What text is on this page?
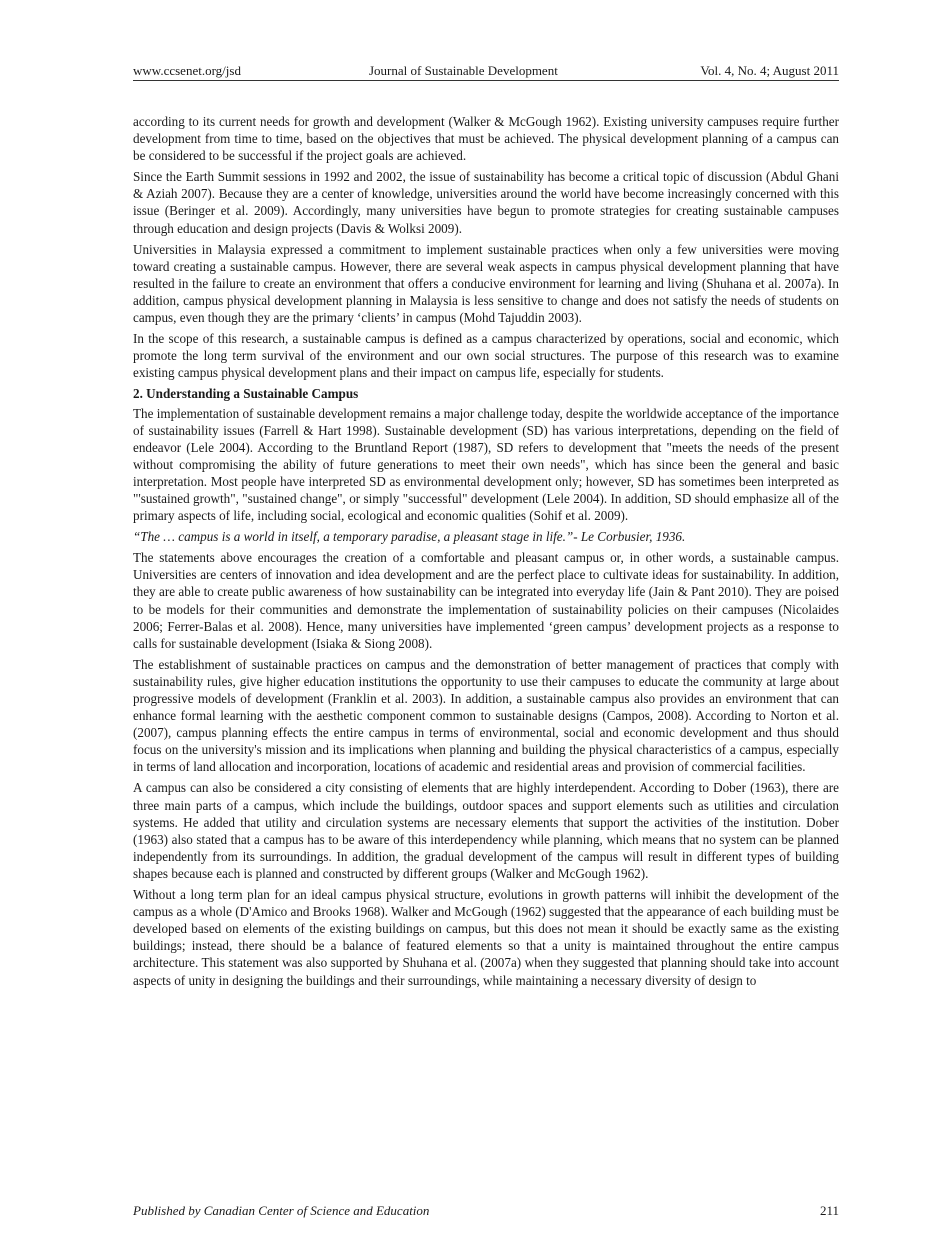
www.ccsenet.org/jsd	Journal of Sustainable Development	Vol. 4, No. 4; August 2011

according to its current needs for growth and development (Walker & McGough 1962). Existing university campuses require further development from time to time, based on the objectives that must be achieved. The physical development planning of a campus can be considered to be successful if the project goals are achieved.

Since the Earth Summit sessions in 1992 and 2002, the issue of sustainability has become a critical topic of discussion (Abdul Ghani & Aziah 2007). Because they are a center of knowledge, universities around the world have become increasingly concerned with this issue (Beringer et al. 2009). Accordingly, many universities have begun to promote strategies for creating sustainable campuses through education and design projects (Davis & Wolksi 2009).

Universities in Malaysia expressed a commitment to implement sustainable practices when only a few universities were moving toward creating a sustainable campus. However, there are several weak aspects in campus physical development planning that have resulted in the failure to create an environment that offers a conducive environment for learning and living (Shuhana et al. 2007a). In addition, campus physical development planning in Malaysia is less sensitive to change and does not satisfy the needs of students on campus, even though they are the primary ‘clients’ in campus (Mohd Tajuddin 2003).

In the scope of this research, a sustainable campus is defined as a campus characterized by operations, social and economic, which promote the long term survival of the environment and our own social structures. The purpose of this research was to examine existing campus physical development plans and their impact on campus life, especially for students.

2. Understanding a Sustainable Campus

The implementation of sustainable development remains a major challenge today, despite the worldwide acceptance of the importance of sustainability issues (Farrell & Hart 1998). Sustainable development (SD) has various interpretations, depending on the field of endeavor (Lele 2004). According to the Bruntland Report (1987), SD refers to development that "meets the needs of the present without compromising the ability of future generations to meet their own needs", which has since been the general and basic interpretation. Most people have interpreted SD as environmental development only; however, SD has sometimes been interpreted as "'sustained growth", "sustained change", or simply "successful" development (Lele 2004). In addition, SD should emphasize all of the primary aspects of life, including social, ecological and economic qualities (Sohif et al. 2009).

“The … campus is a world in itself, a temporary paradise, a pleasant stage in life.”- Le Corbusier, 1936.

The statements above encourages the creation of a comfortable and pleasant campus or, in other words, a sustainable campus. Universities are centers of innovation and idea development and are the perfect place to cultivate ideas for sustainability. In addition, they are able to create public awareness of how sustainability can be integrated into everyday life (Jain & Pant 2010). They are poised to be models for their communities and demonstrate the implementation of sustainability policies on their campuses (Nicolaides 2006; Ferrer-Balas et al. 2008). Hence, many universities have implemented ‘green campus’ development projects as a response to calls for sustainable development (Isiaka & Siong 2008).

The establishment of sustainable practices on campus and the demonstration of better management of practices that comply with sustainability rules, give higher education institutions the opportunity to use their campuses to educate the community at large about progressive models of development (Franklin et al. 2003). In addition, a sustainable campus also provides an environment that can enhance formal learning with the aesthetic component common to sustainable designs (Campos, 2008). According to Norton et al. (2007), campus planning effects the entire campus in terms of environmental, social and economic development and thus should focus on the university's mission and its implications when planning and building the physical characteristics of a campus, especially in terms of land allocation and incorporation, locations of academic and residential areas and provision of commercial facilities.

A campus can also be considered a city consisting of elements that are highly interdependent. According to Dober (1963), there are three main parts of a campus, which include the buildings, outdoor spaces and support elements such as utilities and circulation systems. He added that utility and circulation systems are necessary elements that support the activities of the institution. Dober (1963) also stated that a campus has to be aware of this interdependency while planning, which means that no system can be planned independently from its surroundings. In addition, the gradual development of the campus will result in different types of building shapes because each is planned and constructed by different groups (Walker and McGough 1962).

Without a long term plan for an ideal campus physical structure, evolutions in growth patterns will inhibit the development of the campus as a whole (D'Amico and Brooks 1968). Walker and McGough (1962) suggested that the appearance of each building must be developed based on elements of the existing buildings on campus, but this does not mean it should be exactly same as the existing buildings; instead, there should be a balance of featured elements so that a unity is maintained throughout the entire campus architecture. This statement was also supported by Shuhana et al. (2007a) when they suggested that planning should take into account aspects of unity in designing the buildings and their surroundings, while maintaining a necessary diversity of design to

Published by Canadian Center of Science and Education	211
